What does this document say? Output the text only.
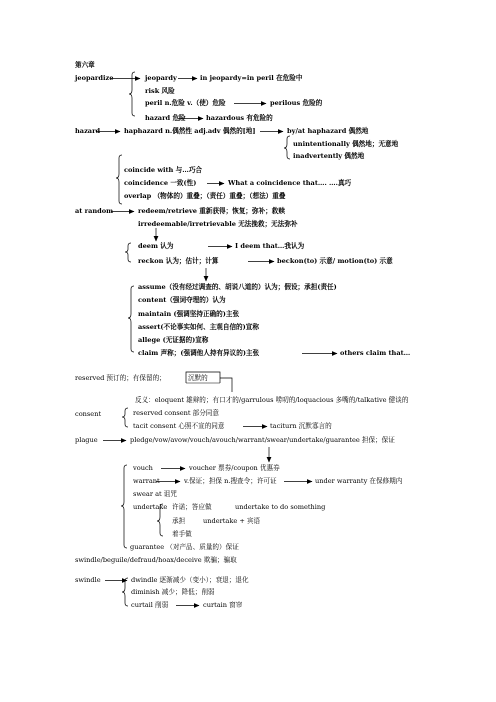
第六章
jeopardize	jeopardy	in jeopardy=in peril 在危险中
risk 风险
peril n.危险 v.（使）危险	perilous 危险的
hazard 危险	hazardous 有危险的
hazard	haphazard n.偶然性 adj.adv 偶然的[地]	by/at haphazard 偶然地
unintentionally 偶然地；无意地
inadvertently 偶然地
coincide with 与…巧合
coincidence 一致(性)	What a coincidence that…. ….真巧
overlap （物体的）重叠；（责任）重叠；（想法）重叠
at random	redeem/retrieve 重新获得；恢复；弥补；救赎
irredeemable/irretrievable 无法挽救；无法弥补
deem 认为	I deem that…我认为
reckon 认为；估计；计算	beckon(to) 示意/ motion(to) 示意
assume（没有经过调查的、胡说八道的）认为；假设；承担(责任)
content（强词夺理的）认为
maintain (强调坚持正确的)主张
assert(不论事实如何、主观自信的)宣称
allege (无证据的)宣称
claim 声称；(强调他人持有异议的)主张	others claim that…
reserved 预订的；有保留的；	沉默的
反义：eloquent 雄辩的；有口才的/garrulous 唠叨的/loquacious 多嘴的/talkative 健谈的
consent	reserved consent 部分同意
tacit consent 心照不宣的同意	taciturn 沉默寡言的
plague	pledge/vow/avow/vouch/avouch/warrant/swear/undertake/guarantee 担保；保证
vouch	voucher 票券/coupon 优惠券
warrant	v.保证；担保 n.搜查令；许可证	under warranty 在保修期内
swear at 诅咒
undertake 许诺；答应做	undertake to do something
承担	undertake + 宾语
着手做
guarantee （对产品、质量的）保证
swindle/beguile/defraud/hoax/deceive 欺骗；骗取
swindle	dwindle 逐渐减少（变小）；衰退；退化
diminish 减少；降低；削弱
curtail 削弱	curtain 窗帘
